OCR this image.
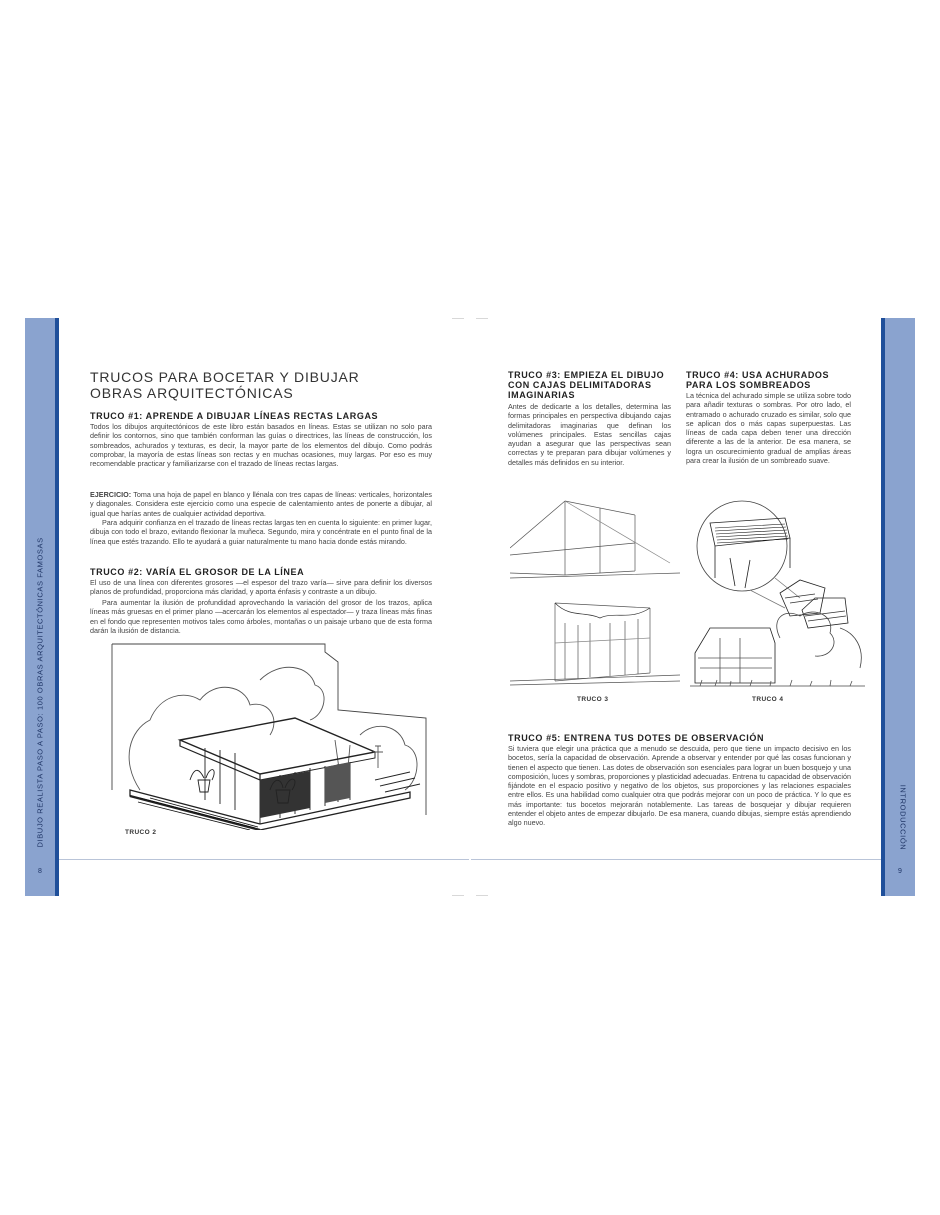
DIBUJO REALISTA PASO A PASO: 100 OBRAS ARQUITECTÓNICAS FAMOSAS
8
INTRODUCCIÓN
9
TRUCOS PARA BOCETAR Y DIBUJAR
OBRAS ARQUITECTÓNICAS
TRUCO #1: APRENDE A DIBUJAR LÍNEAS RECTAS LARGAS
Todos los dibujos arquitectónicos de este libro están basados en líneas. Estas se utilizan no solo para definir los contornos, sino que también conforman las guías o directrices, las líneas de construcción, los sombreados, achurados y texturas, es decir, la mayor parte de los elementos del dibujo. Como podrás comprobar, la mayoría de estas líneas son rectas y en muchas ocasiones, muy largas. Por eso es muy recomendable practicar y familiarizarse con el trazado de líneas rectas largas.
EJERCICIO: Toma una hoja de papel en blanco y llénala con tres capas de líneas: verticales, horizontales y diagonales. Considera este ejercicio como una especie de calentamiento antes de ponerte a dibujar, al igual que harías antes de cualquier actividad deportiva.
Para adquirir confianza en el trazado de líneas rectas largas ten en cuenta lo siguiente: en primer lugar, dibuja con todo el brazo, evitando flexionar la muñeca. Segundo, mira y concéntrate en el punto final de la línea que estés trazando. Ello te ayudará a guiar naturalmente tu mano hacia donde estás mirando.
TRUCO #2: VARÍA EL GROSOR DE LA LÍNEA
El uso de una línea con diferentes grosores —el espesor del trazo varía— sirve para definir los diversos planos de profundidad, proporciona más claridad, y aporta énfasis y contraste a un dibujo.
Para aumentar la ilusión de profundidad aprovechando la variación del grosor de los trazos, aplica líneas más gruesas en el primer plano —acercarán los elementos al espectador— y traza líneas más finas en el fondo que representen motivos tales como árboles, montañas o un paisaje urbano que de esta forma darán la ilusión de distancia.
TRUCO 2
TRUCO #3: EMPIEZA EL DIBUJO CON CAJAS DELIMITADORAS IMAGINARIAS
Antes de dedicarte a los detalles, determina las formas principales en perspectiva dibujando cajas delimitadoras imaginarias que definan los volúmenes principales. Estas sencillas cajas ayudan a asegurar que las perspectivas sean correctas y te preparan para dibujar volúmenes y detalles más definidos en su interior.
TRUCO #4: USA ACHURADOS PARA LOS SOMBREADOS
La técnica del achurado simple se utiliza sobre todo para añadir texturas o sombras. Por otro lado, el entramado o achurado cruzado es similar, solo que se aplican dos o más capas superpuestas. Las líneas de cada capa deben tener una dirección diferente a las de la anterior. De esa manera, se logra un oscurecimiento gradual de amplias áreas para crear la ilusión de un sombreado suave.
TRUCO 3	TRUCO 4
TRUCO #5: ENTRENA TUS DOTES DE OBSERVACIÓN
Si tuviera que elegir una práctica que a menudo se descuida, pero que tiene un impacto decisivo en los bocetos, sería la capacidad de observación. Aprende a observar y entender por qué las cosas funcionan y tienen el aspecto que tienen. Las dotes de observación son esenciales para lograr un buen bosquejo y una composición, luces y sombras, proporciones y plasticidad adecuadas. Entrena tu capacidad de observación fijándote en el espacio positivo y negativo de los objetos, sus proporciones y las relaciones espaciales entre ellos. Es una habilidad como cualquier otra que podrás mejorar con un poco de práctica. Y lo que es más importante: tus bocetos mejorarán notablemente. Las tareas de bosquejar y dibujar requieren entender el objeto antes de empezar dibujarlo. De esa manera, cuando dibujas, siempre estás aprendiendo algo nuevo.
